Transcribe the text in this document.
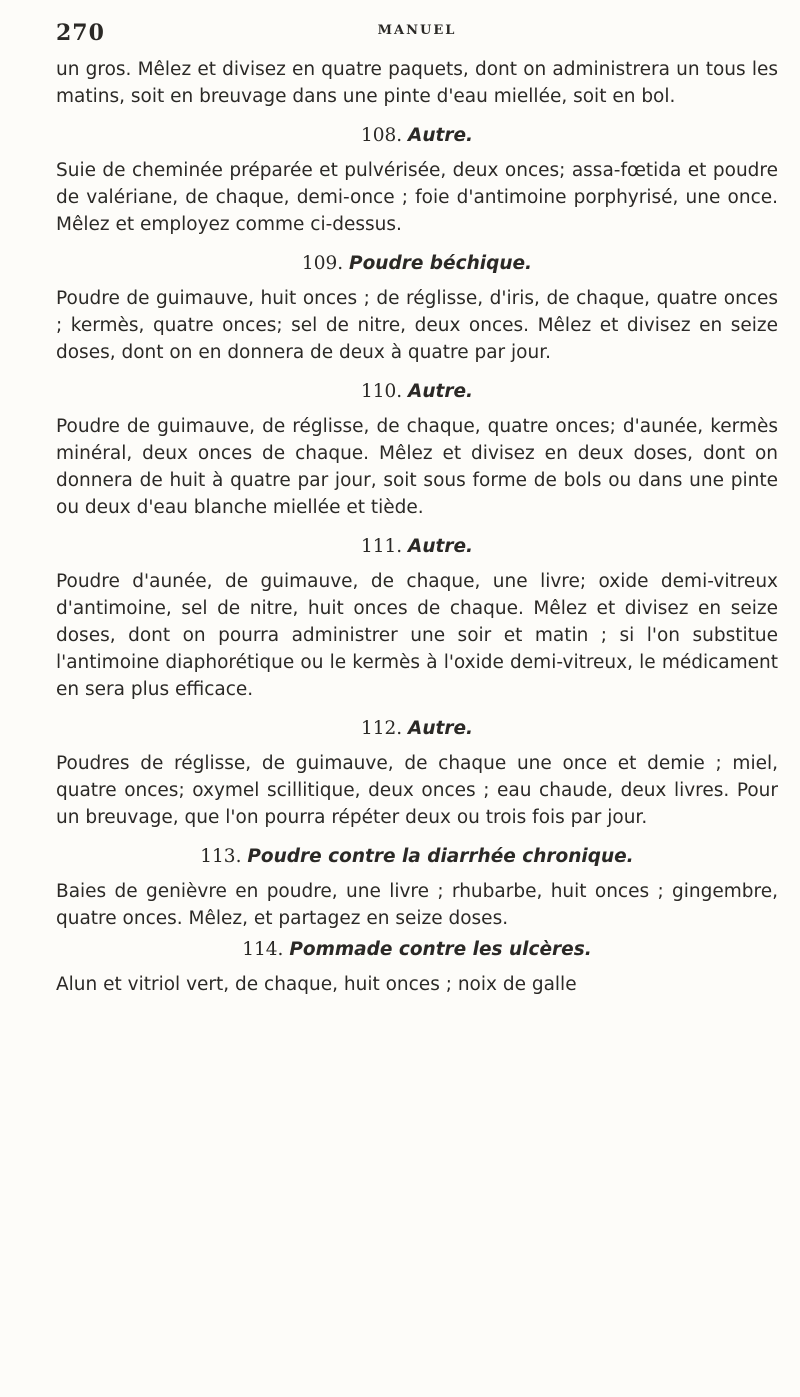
270	MANUEL

un gros. Mêlez et divisez en quatre paquets, dont on administrera un tous les matins, soit en breuvage dans une pinte d'eau miellée, soit en bol.

108. Autre.

Suie de cheminée préparée et pulvérisée, deux onces; assa-fœtida et poudre de valériane, de chaque, demi-once ; foie d'antimoine porphyrisé, une once. Mêlez et employez comme ci-dessus.

109. Poudre béchique.

Poudre de guimauve, huit onces ; de réglisse, d'iris, de chaque, quatre onces ; kermès, quatre onces; sel de nitre, deux onces. Mêlez et divisez en seize doses, dont on en donnera de deux à quatre par jour.

110. Autre.

Poudre de guimauve, de réglisse, de chaque, quatre onces; d'aunée, kermès minéral, deux onces de chaque. Mêlez et divisez en deux doses, dont on donnera de huit à quatre par jour, soit sous forme de bols ou dans une pinte ou deux d'eau blanche miellée et tiède.

111. Autre.

Poudre d'aunée, de guimauve, de chaque, une livre; oxide demi-vitreux d'antimoine, sel de nitre, huit onces de chaque. Mêlez et divisez en seize doses, dont on pourra administrer une soir et matin ; si l'on substitue l'antimoine diaphorétique ou le kermès à l'oxide demi-vitreux, le médicament en sera plus efficace.

112. Autre.

Poudres de réglisse, de guimauve, de chaque une once et demie ; miel, quatre onces; oxymel scillitique, deux onces ; eau chaude, deux livres. Pour un breuvage, que l'on pourra répéter deux ou trois fois par jour.

113. Poudre contre la diarrhée chronique.

Baies de genièvre en poudre, une livre ; rhubarbe, huit onces ; gingembre, quatre onces. Mêlez, et partagez en seize doses.

114. Pommade contre les ulcères.

Alun et vitriol vert, de chaque, huit onces ; noix de galle
